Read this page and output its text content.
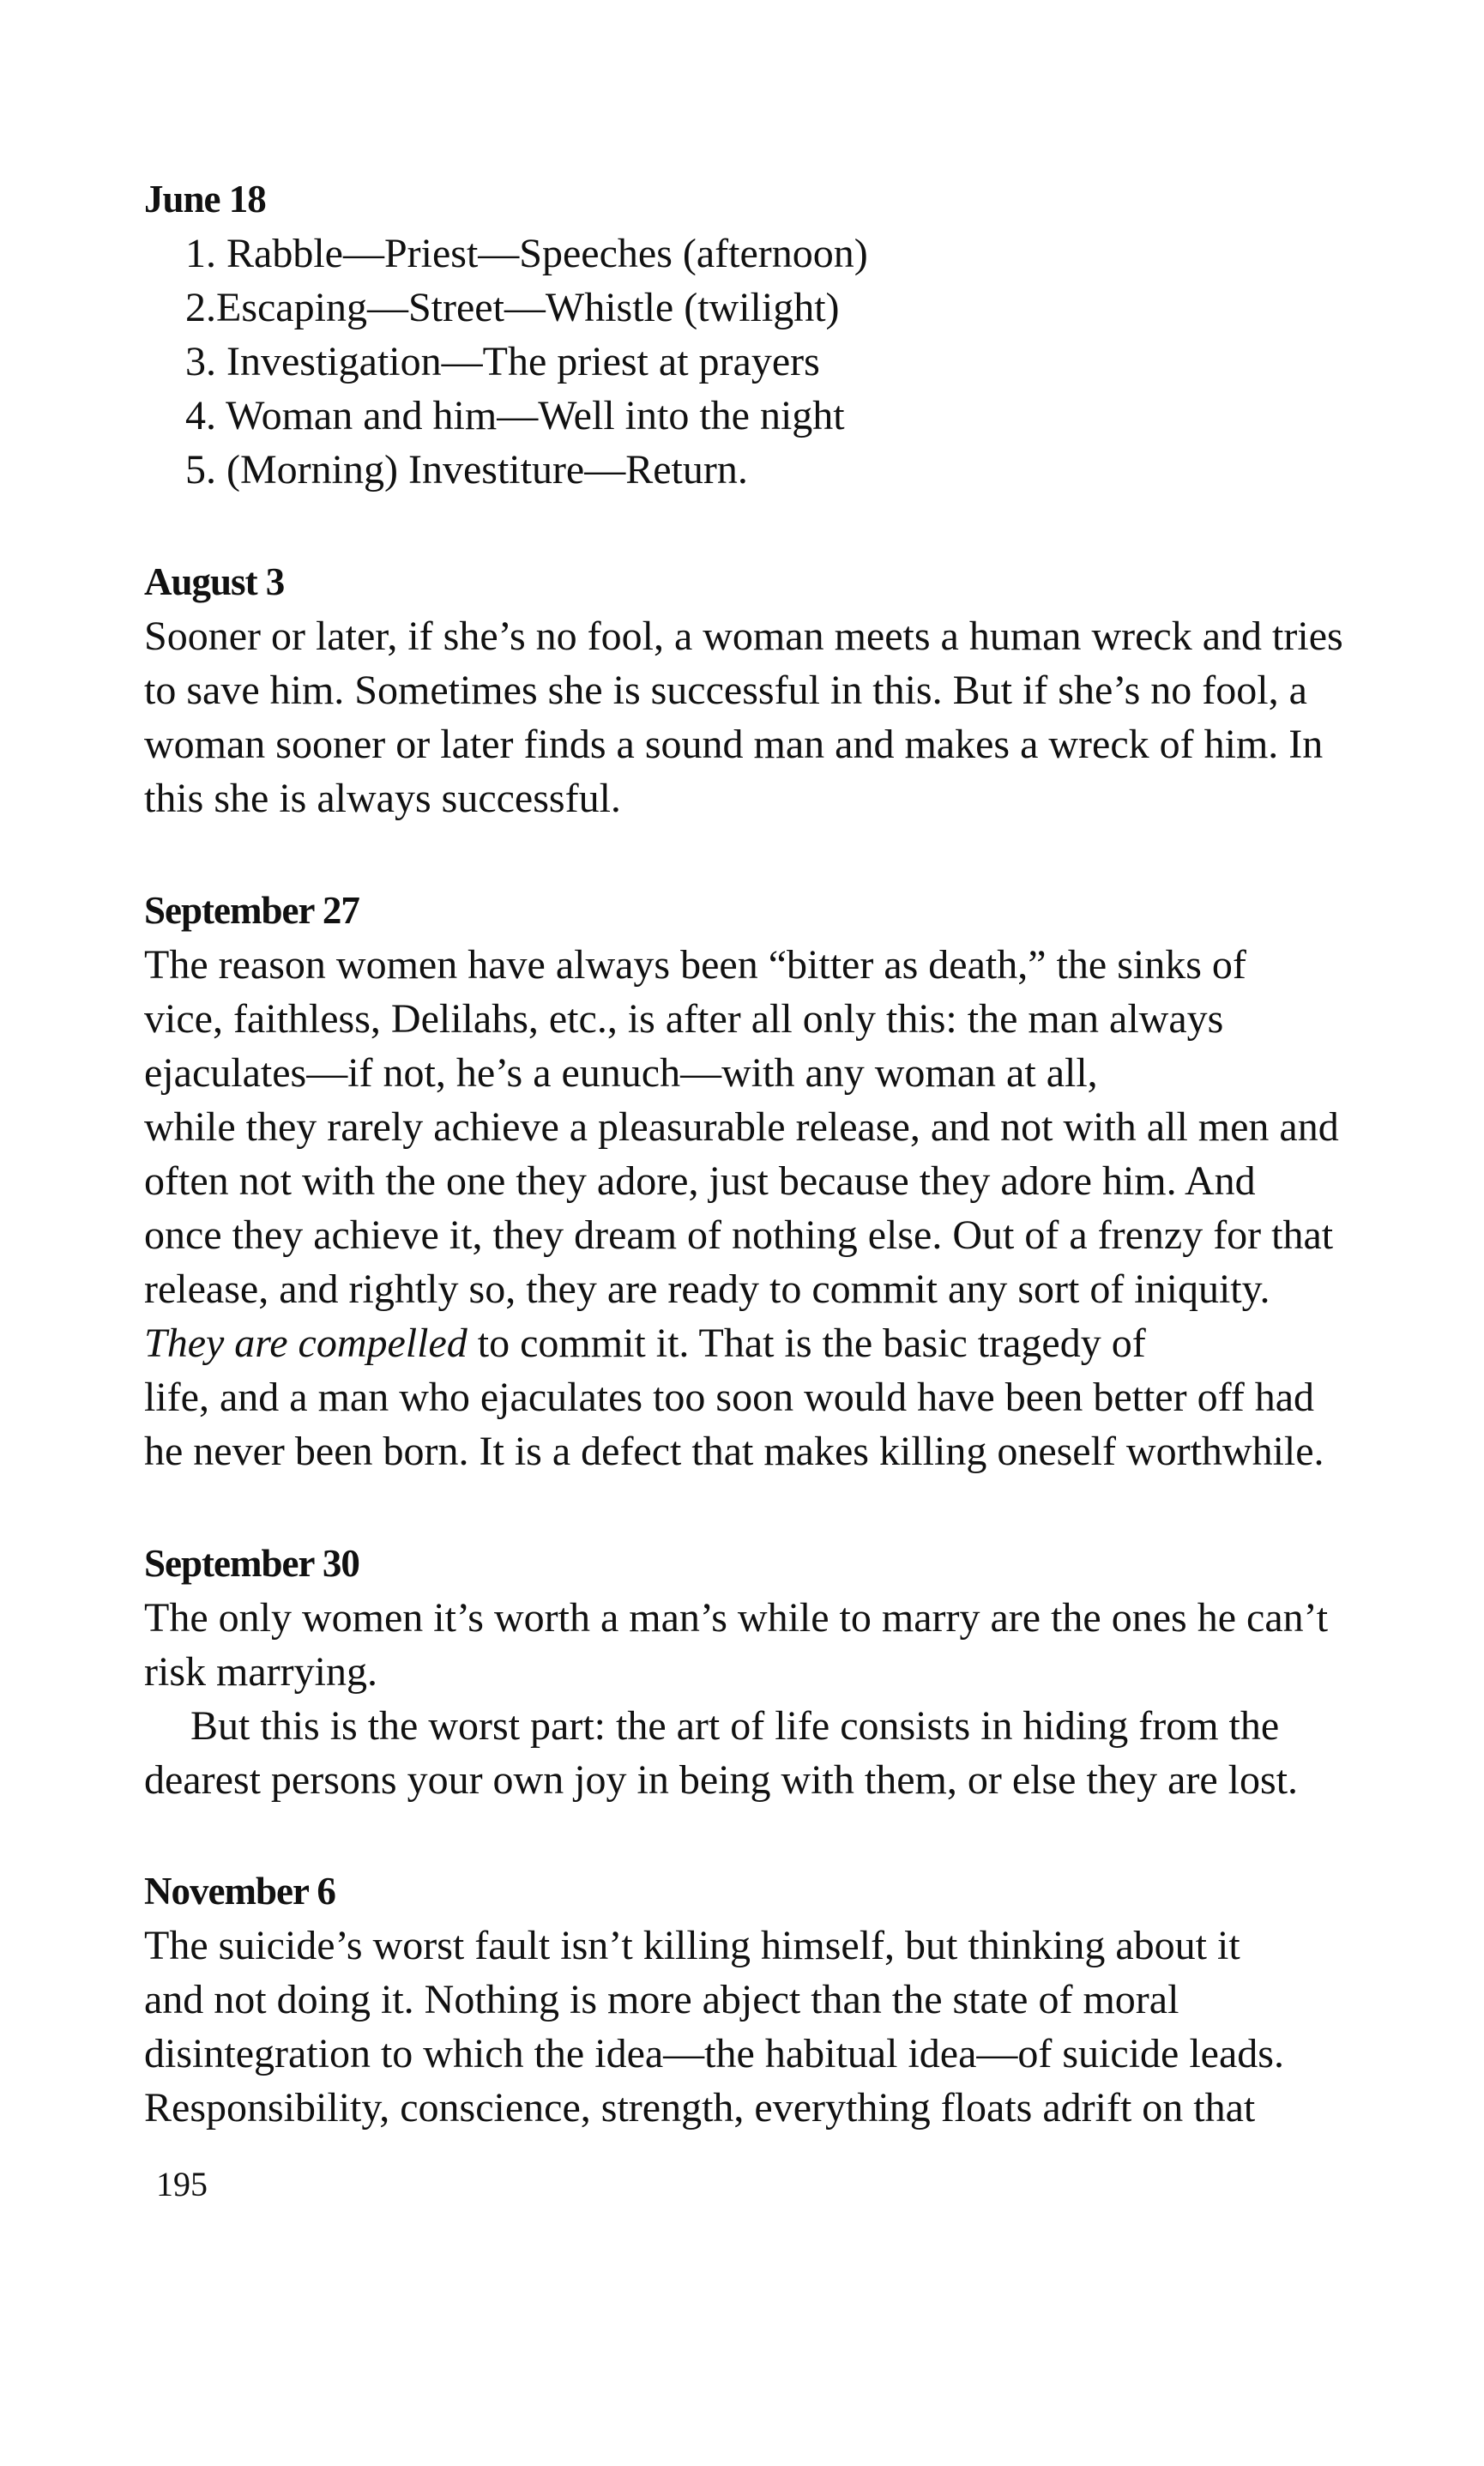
June 18

1. Rabble—Priest—Speeches (afternoon)

2.Escaping—Street—Whistle (twilight)

3. Investigation—The priest at prayers

4. Woman and him—Well into the night

5. (Morning) Investiture—Return.

August 3

Sooner or later, if she’s no fool, a woman meets a human wreck and tries

to save him. Sometimes she is successful in this. But if she’s no fool, a

woman sooner or later finds a sound man and makes a wreck of him. In

this she is always successful.

September 27

The reason women have always been “bitter as death,” the sinks of

vice, faithless, Delilahs, etc., is after all only this: the man always

ejaculates—if not, he’s a eunuch—with any woman at all,

while they rarely achieve a pleasurable release, and not with all men and

often not with the one they adore, just because they adore him. And

once they achieve it, they dream of nothing else. Out of a frenzy for that

release, and rightly so, they are ready to commit any sort of iniquity.

They are compelled to commit it. That is the basic tragedy of

life, and a man who ejaculates too soon would have been better off had

he never been born. It is a defect that makes killing oneself worthwhile.

September 30

The only women it’s worth a man’s while to marry are the ones he can’t

risk marrying.

But this is the worst part: the art of life consists in hiding from the

dearest persons your own joy in being with them, or else they are lost.

November 6

The suicide’s worst fault isn’t killing himself, but thinking about it

and not doing it. Nothing is more abject than the state of moral

disintegration to which the idea—the habitual idea—of suicide leads.

Responsibility, conscience, strength, everything floats adrift on that

195
